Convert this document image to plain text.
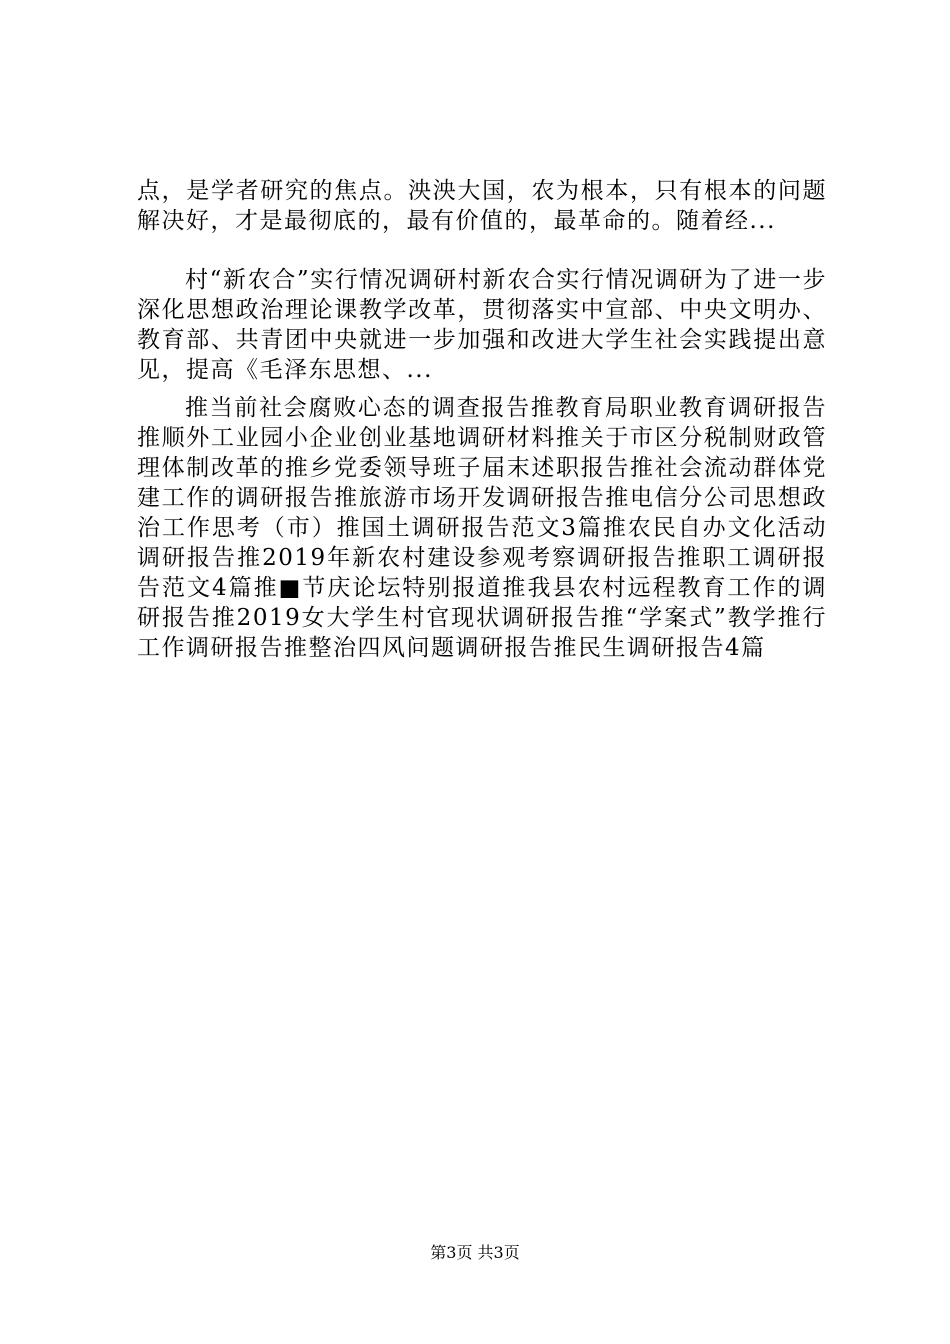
点，是学者研究的焦点。泱泱大国，农为根本，只有根本的问题解决好，才是最彻底的，最有价值的，最革命的。随着经...

村“新农合”实行情况调研村新农合实行情况调研为了进一步深化思想政治理论课教学改革，贯彻落实中宣部、中央文明办、教育部、共青团中央就进一步加强和改进大学生社会实践提出意见，提高《毛泽东思想、...

推当前社会腐败心态的调查报告推教育局职业教育调研报告推顺外工业园小企业创业基地调研材料推关于市区分税制财政管理体制改革的推乡党委领导班子届末述职报告推社会流动群体党建工作的调研报告推旅游市场开发调研报告推电信分公司思想政治工作思考（市）推国土调研报告范文3篇推农民自办文化活动调研报告推2019年新农村建设参观考察调研报告推职工调研报告范文4篇推■节庆论坛特别报道推我县农村远程教育工作的调研报告推2019女大学生村官现状调研报告推“学案式”教学推行工作调研报告推整治四风问题调研报告推民生调研报告4篇

第3页 共3页
